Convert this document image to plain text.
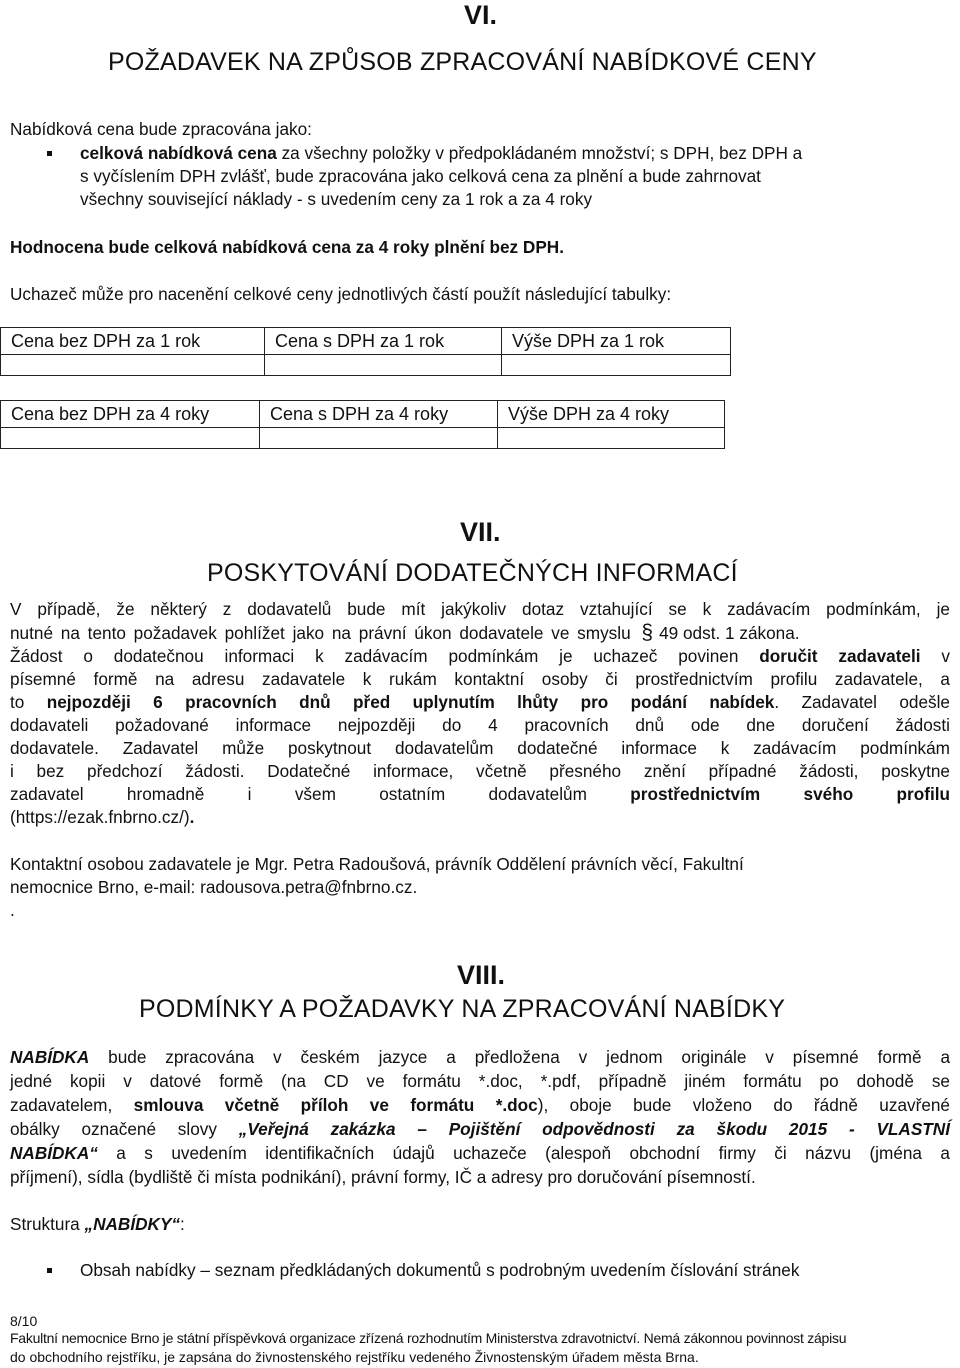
VI.
POŽADAVEK NA ZPŮSOB ZPRACOVÁNÍ NABÍDKOVÉ CENY
Nabídková cena bude zpracována jako:
celková nabídková cena za všechny položky v předpokládaném množství; s DPH, bez DPH a
s vyčíslením DPH zvlášť, bude zpracována jako celková cena za plnění a bude zahrnovat
všechny související náklady - s uvedením ceny za 1 rok a za 4 roky
Hodnocena bude celková nabídková cena za 4 roky plnění bez DPH.
Uchazeč může pro nacenění celkové ceny jednotlivých částí použít následující tabulky:
Cena bez DPH za 1 rok	Cena s DPH za 1 rok	Výše DPH za 1 rok

Cena bez DPH za 4 roky	Cena s DPH za 4 roky	Výše DPH za 4 roky

VII.
POSKYTOVÁNÍ DODATEČNÝCH INFORMACÍ
V případě, že některý z dodavatelů bude mít jakýkoliv dotaz vztahující se k zadávacím podmínkám, je
nutné na tento požadavek pohlížet jako na právní úkon dodavatele ve smyslu § 49 odst. 1 zákona.
Žádost o dodatečnou informaci k zadávacím podmínkám je uchazeč povinen doručit zadavateli v
písemné formě na adresu zadavatele k rukám kontaktní osoby či prostřednictvím profilu zadavatele, a
to nejpozději 6 pracovních dnů před uplynutím lhůty pro podání nabídek. Zadavatel odešle
dodavateli požadované informace nejpozději do 4 pracovních dnů ode dne doručení žádosti
dodavatele. Zadavatel může poskytnout dodavatelům dodatečné informace k zadávacím podmínkám
i bez předchozí žádosti. Dodatečné informace, včetně přesného znění případné žádosti, poskytne
zadavatel hromadně i všem ostatním dodavatelům prostřednictvím svého profilu
(https://ezak.fnbrno.cz/).
Kontaktní osobou zadavatele je Mgr. Petra Radoušová, právník Oddělení právních věcí, Fakultní
nemocnice Brno, e-mail: radousova.petra@fnbrno.cz.
.
VIII.
PODMÍNKY A POŽADAVKY NA ZPRACOVÁNÍ NABÍDKY
NABÍDKA bude zpracována v českém jazyce a předložena v jednom originále v písemné formě a
jedné kopii v datové formě (na CD ve formátu *.doc, *.pdf, případně jiném formátu po dohodě se
zadavatelem, smlouva včetně příloh ve formátu *.doc), oboje bude vloženo do řádně uzavřené
obálky označené slovy „Veřejná zakázka – Pojištění odpovědnosti za škodu 2015 - VLASTNÍ
NABÍDKA“ a s uvedením identifikačních údajů uchazeče (alespoň obchodní firmy či názvu (jména a
příjmení), sídla (bydliště či místa podnikání), právní formy, IČ a adresy pro doručování písemností.
Struktura „NABÍDKY“:
Obsah nabídky – seznam předkládaných dokumentů s podrobným uvedením číslování stránek
8/10
Fakultní nemocnice Brno je státní příspěvková organizace zřízená rozhodnutím Ministerstva zdravotnictví. Nemá zákonnou povinnost zápisu
do obchodního rejstříku, je zapsána do živnostenského rejstříku vedeného Živnostenským úřadem města Brna.
